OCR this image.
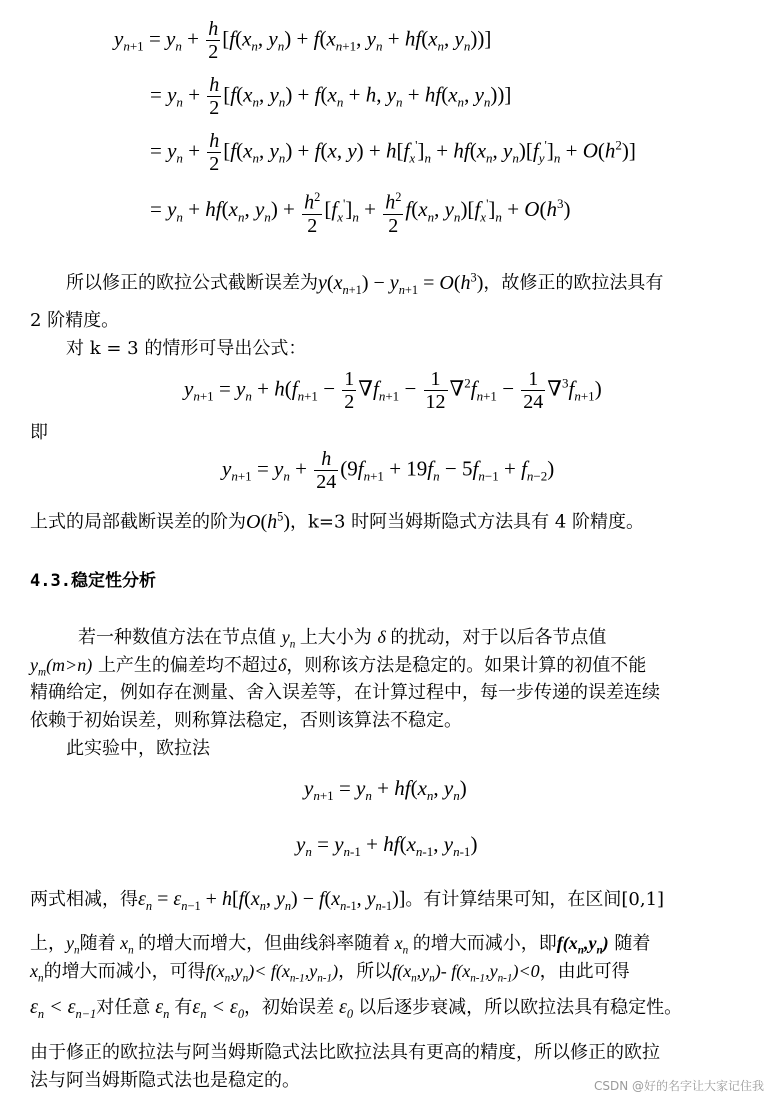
$y_{n+1} = y_n + \frac{h}{2} [f(x_n$, $y_n) + f(x_{n+1}$, $y_n + hf(x_n$, $y_n$))]
= $y_n + \frac{h}{2} [f(x_n$, $y_n) + f(x_n + h$, $y_n + hf(x_n$, $y_n$))]
= $y_n + \frac{h}{2} [f(x_n$, $y_n) + f(x$, $y) + h[f_x']_n + hf(x_n$, $y_n)[f_y']_n + O(h^2)$]
= $y_n + hf(x_n$, $y_n) + \frac{h^2}{2} [f_x']_n + \frac{h^2}{2} f(x_n$, $y_n)[f_x']_n + O(h^3)$
所以修正的欧拉公式截断误差为$y(x_{n+1}) - y_{n+1} = O(h^3)$，故修正的欧拉法具有
2 阶精度。
对 k = 3 的情形可导出公式：
$y_{n+1} = y_n + h(f_{n+1} - \frac{1}{2} \nabla f_{n+1} - \frac{1}{12} \nabla^2f_{n+1} - \frac{1}{24} \nabla^3f_{n+1})$
即
$y_{n+1} = y_n + \frac{h}{24} (9f_{n+1} + 19f_n - 5f_{n-1} + f_{n-2})$
上式的局部截断误差的阶为$O(h^5)$，k=3 时阿当姆斯隐式方法具有 4 阶精度。
4.3.稳定性分析
若一种数值方法在节点值 $y_n$ 上大小为 δ 的扰动，对于以后各节点值
$y_m(m>n)$ 上产生的偏差均不超过δ，则称该方法是稳定的。如果计算的初值不能
精确给定，例如存在测量、舍入误差等，在计算过程中，每一步传递的误差连续
依赖于初始误差，则称算法稳定，否则该算法不稳定。
此实验中，欧拉法
$y_{n+1} = y_n + hf(x_n$, $y_n$)
$y_n = y_{n-1} + hf(x_{n-1}$, $y_{n-1}$)
两式相减，得$\varepsilon_n = \varepsilon_{n-1} + h[f(x_n$, $y_n) - f(x_{n-1}$, $y_{n-1}$)]。有计算结果可知，在区间[0,1]
上，$y_n$随着 $x_n$ 的增大而增大，但曲线斜率随着 $x_n$ 的增大而减小，即$f(x_n,y_n)$ 随着
$x_n$的增大而减小，可得$f(x_n,y_n)< f(x_{n-1},y_{n-1})$，所以$f(x_n,y_n)-$ $f(x_{n-1},y_{n-1})<0$，由此可得
$\varepsilon_n < \varepsilon_{n-1}$对任意 $\varepsilon_n$ 有$\varepsilon_n < \varepsilon_0$，初始误差 $\varepsilon_0$ 以后逐步衰减，所以欧拉法具有稳定性。
由于修正的欧拉法与阿当姆斯隐式法比欧拉法具有更高的精度，所以修正的欧拉
法与阿当姆斯隐式法也是稳定的。	CSDN @好的名字让大家记住我
